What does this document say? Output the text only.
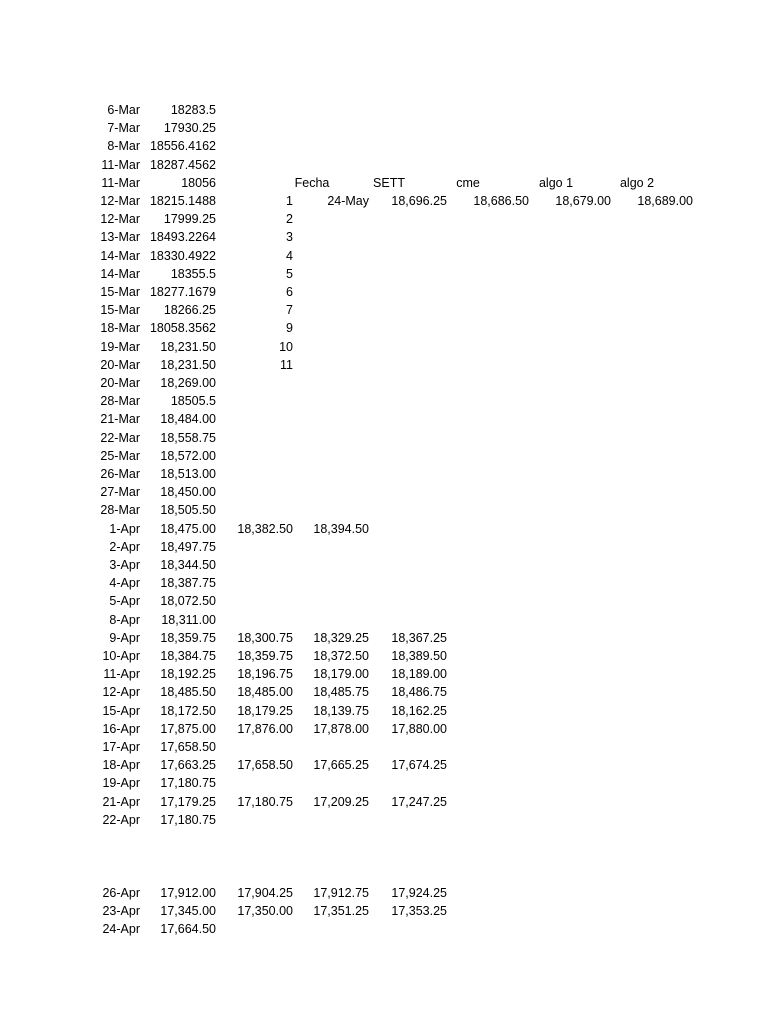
6-Mar	18283.5
7-Mar	17930.25
8-Mar 18556.4162
11-Mar 18287.4562
11-Mar	18056	Fecha	SETT	cme	algo 1	algo 2
12-Mar 18215.1488	1	24-May	18,696.25	18,686.50	18,679.00	18,689.00
12-Mar	17999.25	2
13-Mar 18493.2264	3
14-Mar 18330.4922	4
14-Mar	18355.5	5
15-Mar 18277.1679	6
15-Mar	18266.25	7
18-Mar 18058.3562	9
19-Mar	18,231.50	10
20-Mar	18,231.50	11
20-Mar	18,269.00
28-Mar	18505.5
21-Mar	18,484.00
22-Mar	18,558.75
25-Mar	18,572.00
26-Mar	18,513.00
27-Mar	18,450.00
28-Mar	18,505.50
1-Apr	18,475.00	18,382.50	18,394.50
2-Apr	18,497.75
3-Apr	18,344.50
4-Apr	18,387.75
5-Apr	18,072.50
8-Apr	18,311.00
9-Apr	18,359.75	18,300.75	18,329.25	18,367.25
10-Apr	18,384.75	18,359.75	18,372.50	18,389.50
11-Apr	18,192.25	18,196.75	18,179.00	18,189.00
12-Apr	18,485.50	18,485.00	18,485.75	18,486.75
15-Apr	18,172.50	18,179.25	18,139.75	18,162.25
16-Apr	17,875.00	17,876.00	17,878.00	17,880.00
17-Apr	17,658.50
18-Apr	17,663.25	17,658.50	17,665.25	17,674.25
19-Apr	17,180.75
21-Apr	17,179.25	17,180.75	17,209.25	17,247.25
22-Apr	17,180.75
26-Apr	17,912.00	17,904.25	17,912.75	17,924.25
23-Apr	17,345.00	17,350.00	17,351.25	17,353.25
24-Apr	17,664.50
